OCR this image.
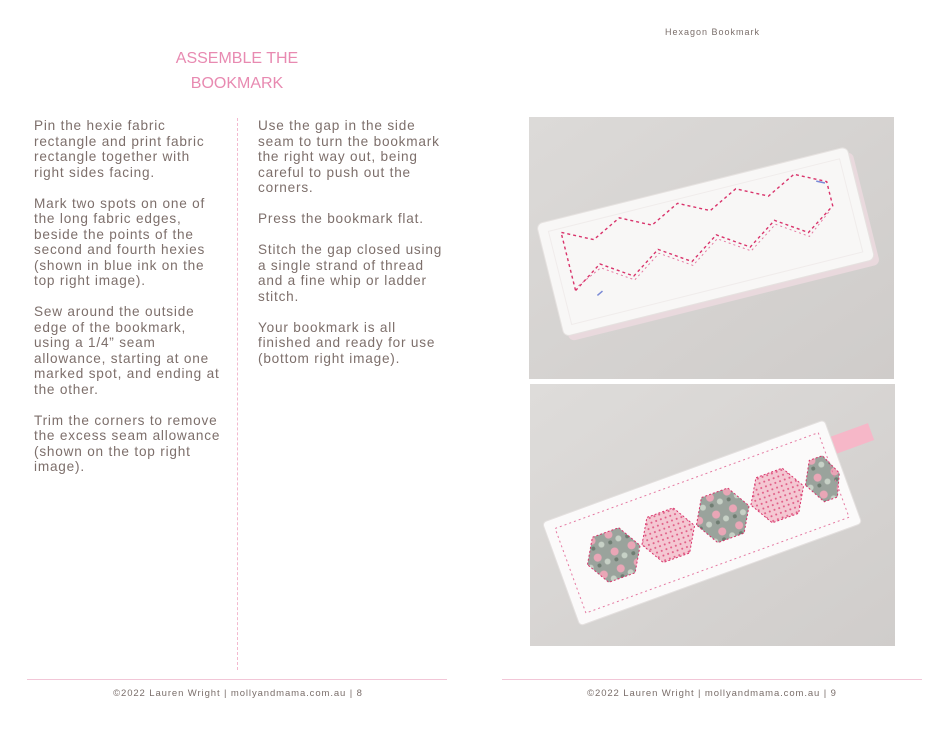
Hexagon Bookmark
ASSEMBLE THE BOOKMARK

Pin the hexie fabric rectangle and print fabric rectangle together with right sides facing.

Mark two spots on one of the long fabric edges, beside the points of the second and fourth hexies (shown in blue ink on the top right image).

Sew around the outside edge of the bookmark, using a 1/4” seam allowance, starting at one marked spot, and ending at the other.

Trim the corners to remove the excess seam allowance (shown on the top right image).

Use the gap in the side seam to turn the bookmark the right way out, being careful to push out the corners.

Press the bookmark flat.

Stitch the gap closed using a single strand of thread and a fine whip or ladder stitch.

Your bookmark is all finished and ready for use (bottom right image).

©2022 Lauren Wright | mollyandmama.com.au | 8	©2022 Lauren Wright | mollyandmama.com.au | 9
